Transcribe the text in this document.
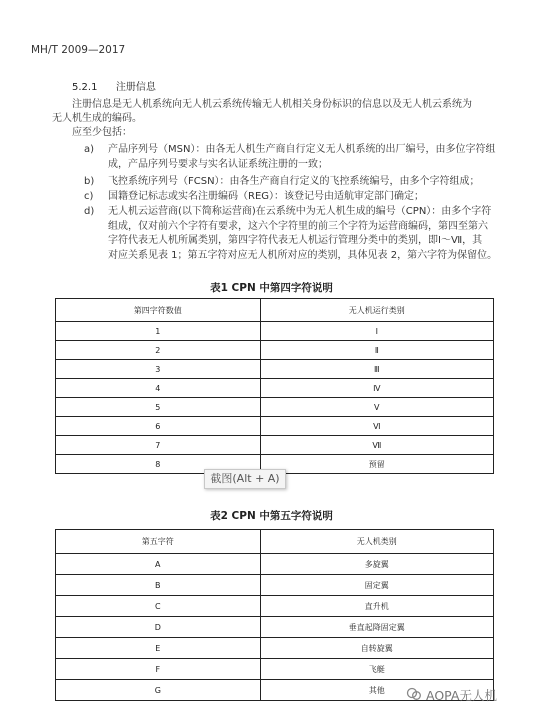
MH/T 2009—2017
5.2.1 注册信息
注册信息是无人机系统向无人机云系统传输无人机相关身份标识的信息以及无人机云系统为
无人机生成的编码。
应至少包括：
a) 产品序列号（MSN）：由各无人机生产商自行定义无人机系统的出厂编号，由多位字符组
成，产品序列号要求与实名认证系统注册的一致；
b) 飞控系统序列号（FCSN）：由各生产商自行定义的飞控系统编号，由多个字符组成；
c) 国籍登记标志或实名注册编码（REG）：该登记号由适航审定部门确定；
d) 无人机云运营商(以下简称运营商)在云系统中为无人机生成的编号（CPN）：由多个字符
组成，仅对前六个字符有要求，这六个字符里的前三个字符为运营商编码，第四至第六
字符代表无人机所属类别，第四字符代表无人机运行管理分类中的类别，即Ⅰ～Ⅶ，其
对应关系见表 1；第五字符对应无人机所对应的类别，具体见表 2，第六字符为保留位。
表1 CPN 中第四字符说明
第四字符数值	无人机运行类别
1	Ⅰ
2	Ⅱ
3	Ⅲ
4	Ⅳ
5	Ⅴ
6	Ⅵ
7	Ⅶ
8	预留
截图(Alt + A)
表2 CPN 中第五字符说明
第五字符	无人机类别
A	多旋翼
B	固定翼
C	直升机
D	垂直起降固定翼
E	自转旋翼
F	飞艇
G	其他	AOPA无人机
